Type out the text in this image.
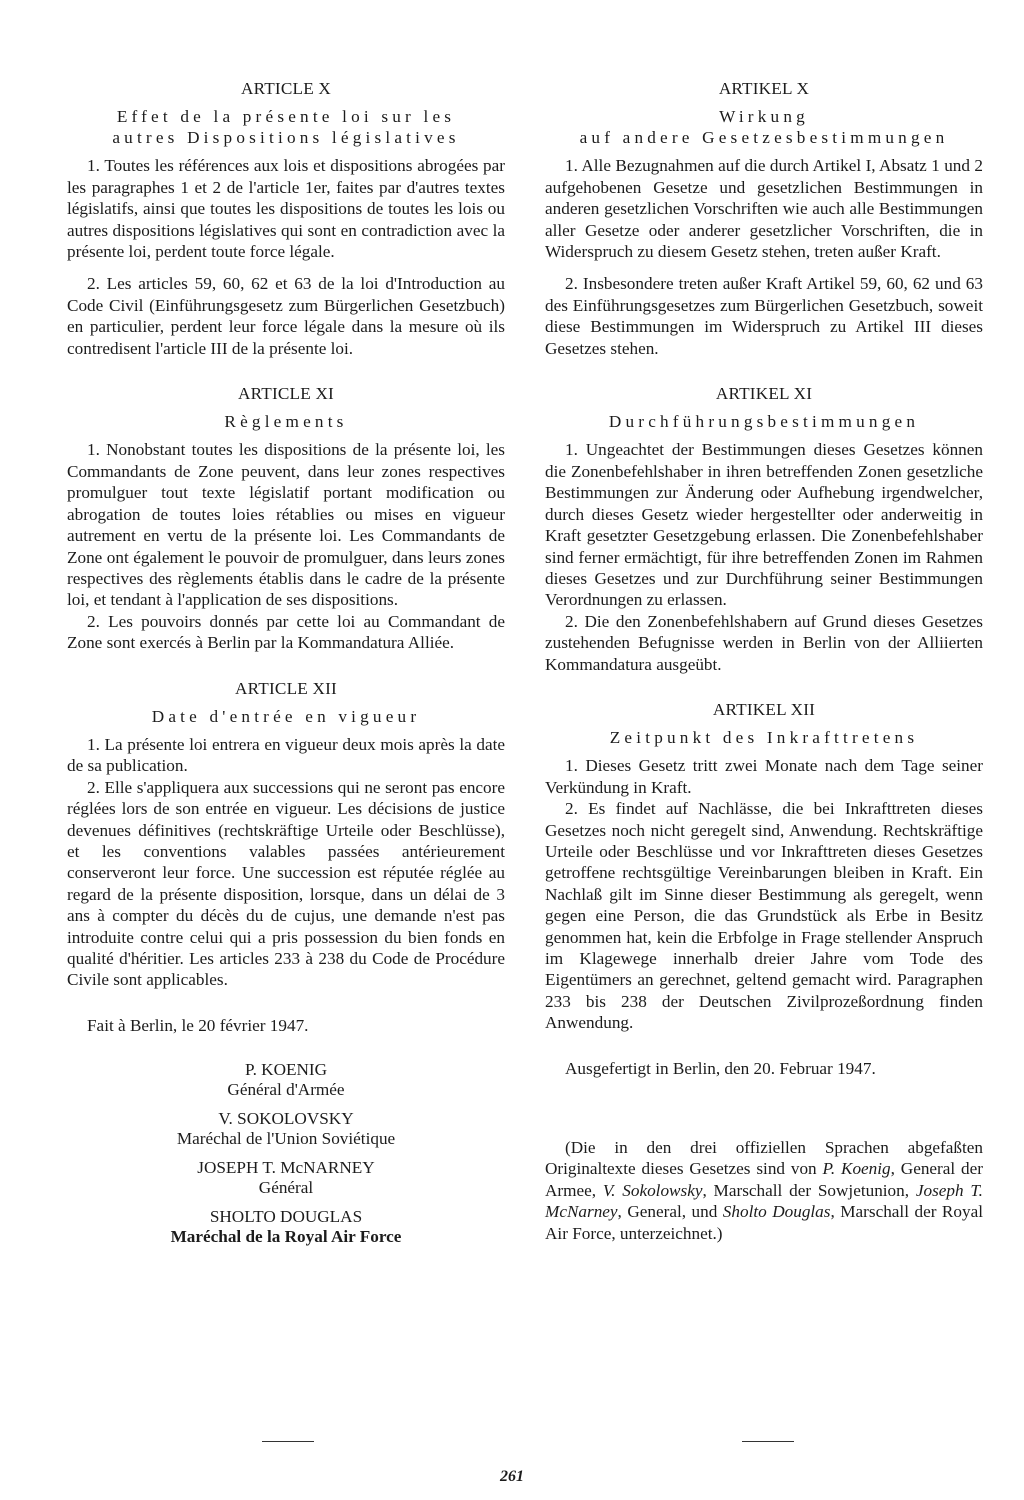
ARTICLE X

Effet de la présente loi sur les

autres Dispositions législatives

1. Toutes les références aux lois et dispositions abrogées par les paragraphes 1 et 2 de l'article 1er, faites par d'autres textes législatifs, ainsi que toutes les dispositions de toutes les lois ou autres dispositions législatives qui sont en contradiction avec la présente loi, perdent toute force légale.

2. Les articles 59, 60, 62 et 63 de la loi d'Introduction au Code Civil (Einführungsgesetz zum Bürgerlichen Gesetzbuch) en particulier, perdent leur force légale dans la mesure où ils contredisent l'article III de la présente loi.

ARTICLE XI

Règlements

1. Nonobstant toutes les dispositions de la présente loi, les Commandants de Zone peuvent, dans leur zones respectives promulguer tout texte législatif portant modification ou abrogation de toutes loies rétablies ou mises en vigueur autrement en vertu de la présente loi. Les Commandants de Zone ont également le pouvoir de promulguer, dans leurs zones respectives des règlements établis dans le cadre de la présente loi, et tendant à l'application de ses dispositions.

2. Les pouvoirs donnés par cette loi au Commandant de Zone sont exercés à Berlin par la Kommandatura Alliée.

ARTICLE XII

Date d'entrée en vigueur

1. La présente loi entrera en vigueur deux mois après la date de sa publication.

2. Elle s'appliquera aux successions qui ne seront pas encore réglées lors de son entrée en vigueur. Les décisions de justice devenues définitives (rechtskräftige Urteile oder Beschlüsse), et les conventions valables passées antérieurement conserveront leur force. Une succession est réputée réglée au regard de la présente disposition, lorsque, dans un délai de 3 ans à compter du décès du de cujus, une demande n'est pas introduite contre celui qui a pris possession du bien fonds en qualité d'héritier. Les articles 233 à 238 du Code de Procédure Civile sont applicables.

Fait à Berlin, le 20 février 1947.

P. KOENIG

Général d'Armée

V. SOKOLOVSKY

Maréchal de l'Union Soviétique

JOSEPH T. McNARNEY

Général

SHOLTO DOUGLAS

Maréchal de la Royal Air Force

ARTIKEL X

Wirkung

auf andere Gesetzesbestimmungen

1. Alle Bezugnahmen auf die durch Artikel I, Absatz 1 und 2 aufgehobenen Gesetze und gesetzlichen Bestimmungen in anderen gesetzlichen Vorschriften wie auch alle Bestimmungen aller Gesetze oder anderer gesetzlicher Vorschriften, die in Widerspruch zu diesem Gesetz stehen, treten außer Kraft.

2. Insbesondere treten außer Kraft Artikel 59, 60, 62 und 63 des Einführungsgesetzes zum Bürgerlichen Gesetzbuch, soweit diese Bestimmungen im Widerspruch zu Artikel III dieses Gesetzes stehen.

ARTIKEL XI

Durchführungsbestimmungen

1. Ungeachtet der Bestimmungen dieses Gesetzes können die Zonenbefehlshaber in ihren betreffenden Zonen gesetzliche Bestimmungen zur Änderung oder Aufhebung irgendwelcher, durch dieses Gesetz wieder hergestellter oder anderweitig in Kraft gesetzter Gesetzgebung erlassen. Die Zonenbefehlshaber sind ferner ermächtigt, für ihre betreffenden Zonen im Rahmen dieses Gesetzes und zur Durchführung seiner Bestimmungen Verordnungen zu erlassen.

2. Die den Zonenbefehlshabern auf Grund dieses Gesetzes zustehenden Befugnisse werden in Berlin von der Alliierten Kommandatura ausgeübt.

ARTIKEL XII

Zeitpunkt des Inkrafttretens

1. Dieses Gesetz tritt zwei Monate nach dem Tage seiner Verkündung in Kraft.

2. Es findet auf Nachlässe, die bei Inkrafttreten dieses Gesetzes noch nicht geregelt sind, Anwendung. Rechtskräftige Urteile oder Beschlüsse und vor Inkrafttreten dieses Gesetzes getroffene rechtsgültige Vereinbarungen bleiben in Kraft. Ein Nachlaß gilt im Sinne dieser Bestimmung als geregelt, wenn gegen eine Person, die das Grundstück als Erbe in Besitz genommen hat, kein die Erbfolge in Frage stellender Anspruch im Klagewege innerhalb dreier Jahre vom Tode des Eigentümers an gerechnet, geltend gemacht wird. Paragraphen 233 bis 238 der Deutschen Zivilprozeßordnung finden Anwendung.

Ausgefertigt in Berlin, den 20. Februar 1947.

(Die in den drei offiziellen Sprachen abgefaßten Originaltexte dieses Gesetzes sind von P. Koenig, General der Armee, V. Sokolowsky, Marschall der Sowjetunion, Joseph T. McNarney, General, und Sholto Douglas, Marschall der Royal Air Force, unterzeichnet.)

261
